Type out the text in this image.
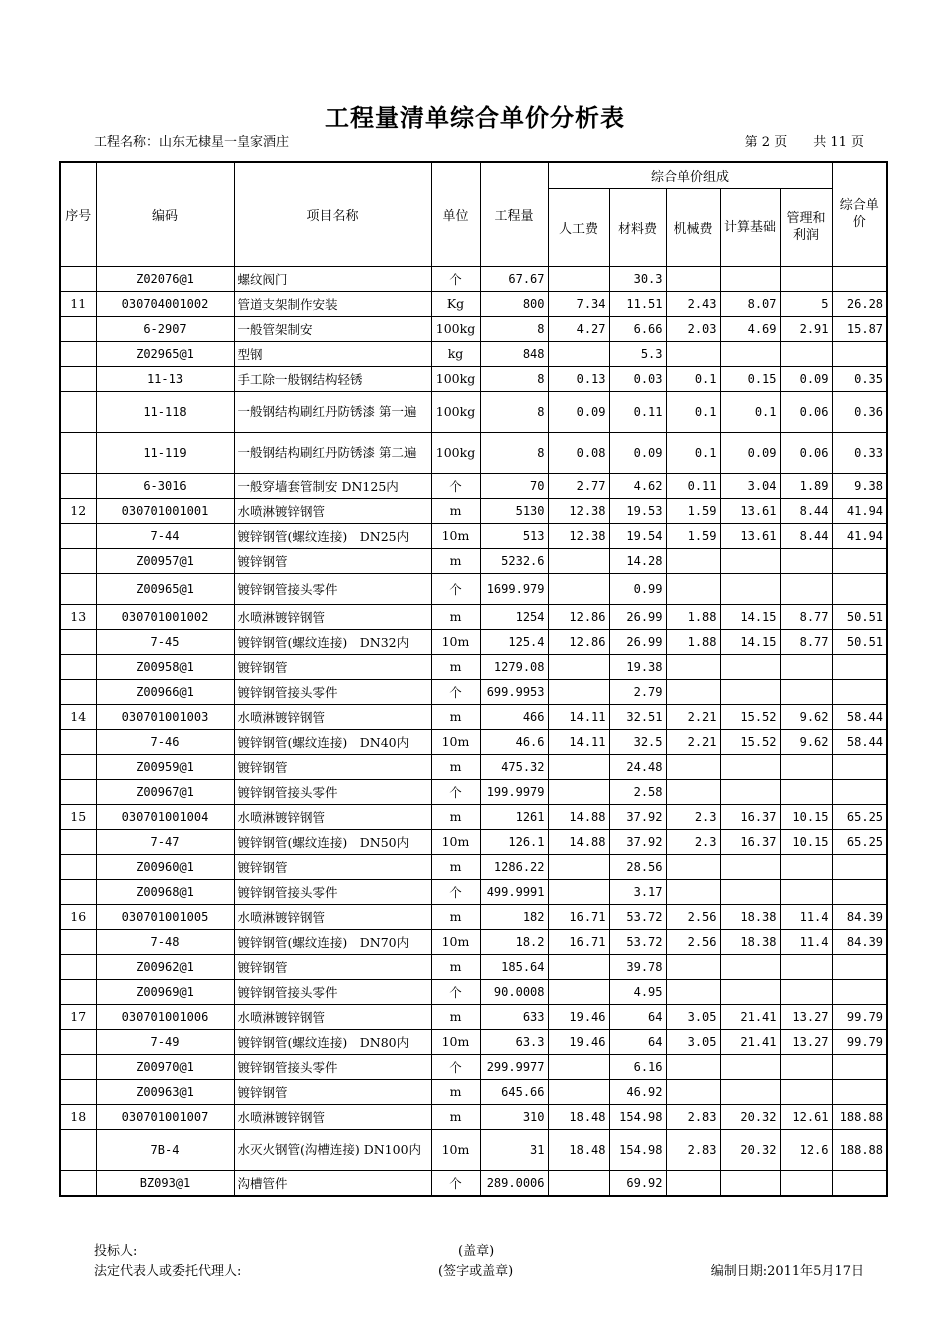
工程量清单综合单价分析表
工程名称：山东无棣星一皇家酒庄	第 2 页　　共 11 页
序号	编码	项目名称	单位	工程量	综合单价组成					综合单价
					人工费	材料费	机械费	计算基础	管理和利润	
	Z02076@1	螺纹阀门	个	67.67		30.3				
11	030704001002	管道支架制作安装	Kg	800	7.34	11.51	2.43	8.07	5	26.28
	6-2907	一般管架制安	100kg	8	4.27	6.66	2.03	4.69	2.91	15.87
	Z02965@1	型钢	kg	848		5.3				
	11-13	手工除一般钢结构轻锈	100kg	8	0.13	0.03	0.1	0.15	0.09	0.35
	11-118	一般钢结构刷红丹防锈漆 第一遍	100kg	8	0.09	0.11	0.1	0.1	0.06	0.36
	11-119	一般钢结构刷红丹防锈漆 第二遍	100kg	8	0.08	0.09	0.1	0.09	0.06	0.33
	6-3016	一般穿墙套管制安 DN125内	个	70	2.77	4.62	0.11	3.04	1.89	9.38
12	030701001001	水喷淋镀锌钢管	m	5130	12.38	19.53	1.59	13.61	8.44	41.94
	7-44	镀锌钢管(螺纹连接)　DN25内	10m	513	12.38	19.54	1.59	13.61	8.44	41.94
	Z00957@1	镀锌钢管	m	5232.6		14.28				
	Z00965@1	镀锌钢管接头零件	个	1699.979		0.99				
13	030701001002	水喷淋镀锌钢管	m	1254	12.86	26.99	1.88	14.15	8.77	50.51
	7-45	镀锌钢管(螺纹连接)　DN32内	10m	125.4	12.86	26.99	1.88	14.15	8.77	50.51
	Z00958@1	镀锌钢管	m	1279.08		19.38				
	Z00966@1	镀锌钢管接头零件	个	699.9953		2.79				
14	030701001003	水喷淋镀锌钢管	m	466	14.11	32.51	2.21	15.52	9.62	58.44
	7-46	镀锌钢管(螺纹连接)　DN40内	10m	46.6	14.11	32.5	2.21	15.52	9.62	58.44
	Z00959@1	镀锌钢管	m	475.32		24.48				
	Z00967@1	镀锌钢管接头零件	个	199.9979		2.58				
15	030701001004	水喷淋镀锌钢管	m	1261	14.88	37.92	2.3	16.37	10.15	65.25
	7-47	镀锌钢管(螺纹连接)　DN50内	10m	126.1	14.88	37.92	2.3	16.37	10.15	65.25
	Z00960@1	镀锌钢管	m	1286.22		28.56				
	Z00968@1	镀锌钢管接头零件	个	499.9991		3.17				
16	030701001005	水喷淋镀锌钢管	m	182	16.71	53.72	2.56	18.38	11.4	84.39
	7-48	镀锌钢管(螺纹连接)　DN70内	10m	18.2	16.71	53.72	2.56	18.38	11.4	84.39
	Z00962@1	镀锌钢管	m	185.64		39.78				
	Z00969@1	镀锌钢管接头零件	个	90.0008		4.95				
17	030701001006	水喷淋镀锌钢管	m	633	19.46	64	3.05	21.41	13.27	99.79
	7-49	镀锌钢管(螺纹连接)　DN80内	10m	63.3	19.46	64	3.05	21.41	13.27	99.79
	Z00970@1	镀锌钢管接头零件	个	299.9977		6.16				
	Z00963@1	镀锌钢管	m	645.66		46.92				
18	030701001007	水喷淋镀锌钢管	m	310	18.48	154.98	2.83	20.32	12.61	188.88
	7B-4	水灭火钢管(沟槽连接) DN100内	10m	31	18.48	154.98	2.83	20.32	12.6	188.88
	BZ093@1	沟槽管件	个	289.0006		69.92				
投标人:	(盖章)
法定代表人或委托代理人:	(签字或盖章)	编制日期:2011年5月17日
